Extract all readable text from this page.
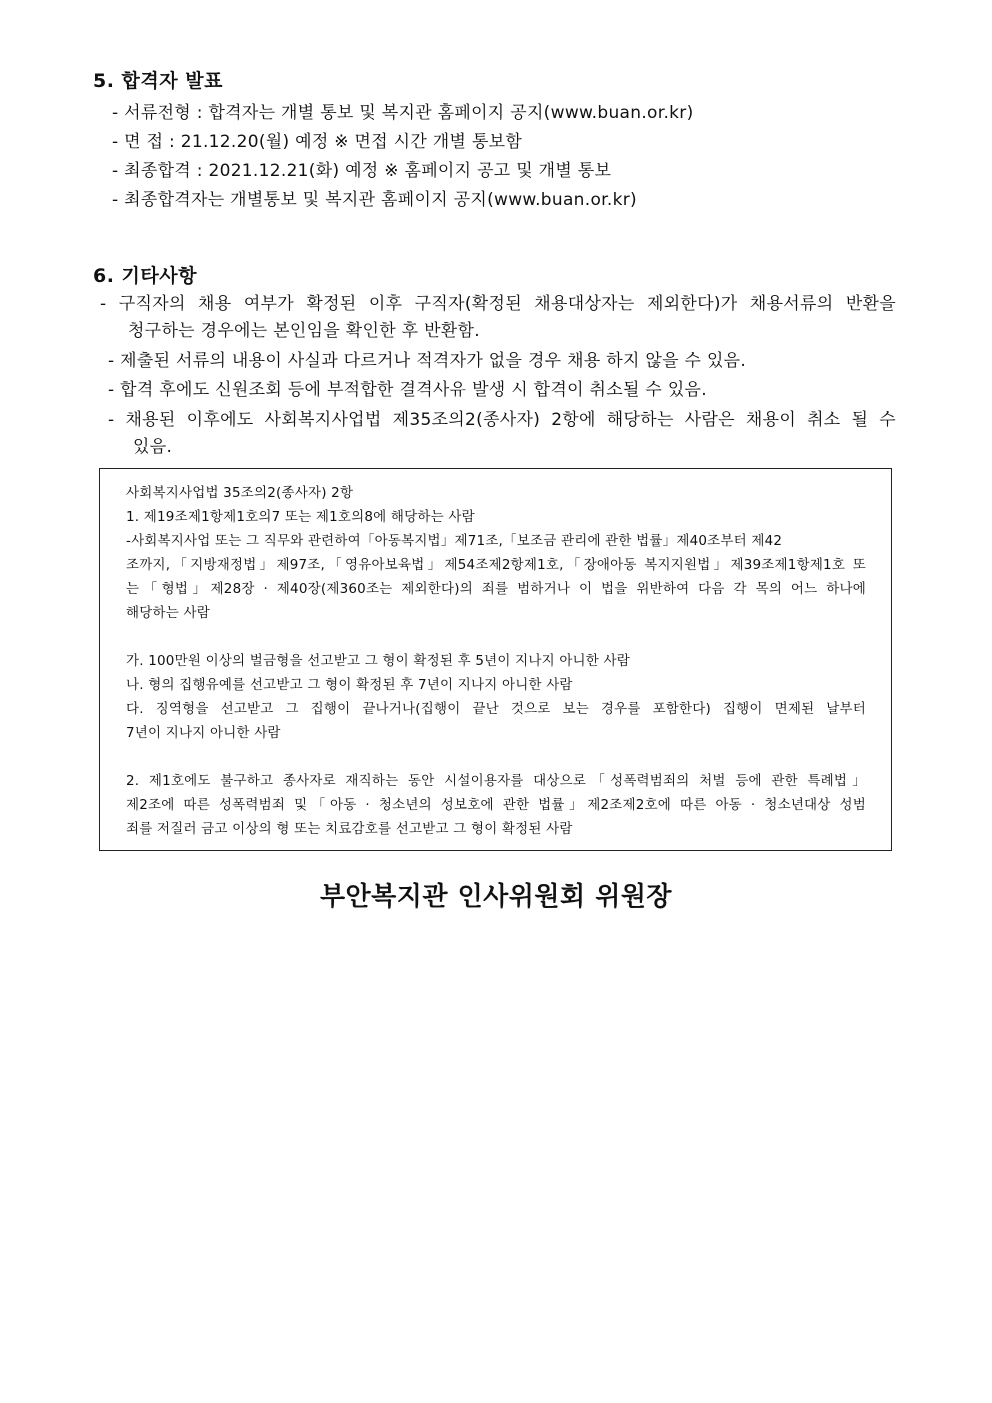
5. 합격자 발표
- 서류전형 : 합격자는 개별 통보 및 복지관 홈페이지 공지(www.buan.or.kr)
- 면 접 : 21.12.20(월) 예정 ※ 면접 시간 개별 통보함
- 최종합격 : 2021.12.21(화) 예정 ※ 홈페이지 공고 및 개별 통보
- 최종합격자는 개별통보 및 복지관 홈페이지 공지(www.buan.or.kr)
6. 기타사항
- 구직자의 채용 여부가 확정된 이후 구직자(확정된 채용대상자는 제외한다)가 채용서류의 반환을
청구하는 경우에는 본인임을 확인한 후 반환함.
- 제출된 서류의 내용이 사실과 다르거나 적격자가 없을 경우 채용 하지 않을 수 있음.
- 합격 후에도 신원조회 등에 부적합한 결격사유 발생 시 합격이 취소될 수 있음.
- 채용된 이후에도 사회복지사업법 제35조의2(종사자) 2항에 해당하는 사람은 채용이 취소 될 수
있음.
사회복지사업법 35조의2(종사자) 2항
1. 제19조제1항제1호의7 또는 제1호의8에 해당하는 사람
-사회복지사업 또는 그 직무와 관련하여「아동복지법」제71조,「보조금 관리에 관한 법률」제40조부터 제42
조까지,「지방재정법」제97조,「영유아보육법」제54조제2항제1호,「장애아동 복지지원법」제39조제1항제1호 또
는「형법」제28장 · 제40장(제360조는 제외한다)의 죄를 범하거나 이 법을 위반하여 다음 각 목의 어느 하나에
해당하는 사람
가. 100만원 이상의 벌금형을 선고받고 그 형이 확정된 후 5년이 지나지 아니한 사람
나. 형의 집행유예를 선고받고 그 형이 확정된 후 7년이 지나지 아니한 사람
다. 징역형을 선고받고 그 집행이 끝나거나(집행이 끝난 것으로 보는 경우를 포함한다) 집행이 면제된 날부터
7년이 지나지 아니한 사람
2. 제1호에도 불구하고 종사자로 재직하는 동안 시설이용자를 대상으로「성폭력범죄의 처벌 등에 관한 특례법」
제2조에 따른 성폭력범죄 및「아동 · 청소년의 성보호에 관한 법률」제2조제2호에 따른 아동 · 청소년대상 성범
죄를 저질러 금고 이상의 형 또는 치료감호를 선고받고 그 형이 확정된 사람
부안복지관 인사위원회 위원장
